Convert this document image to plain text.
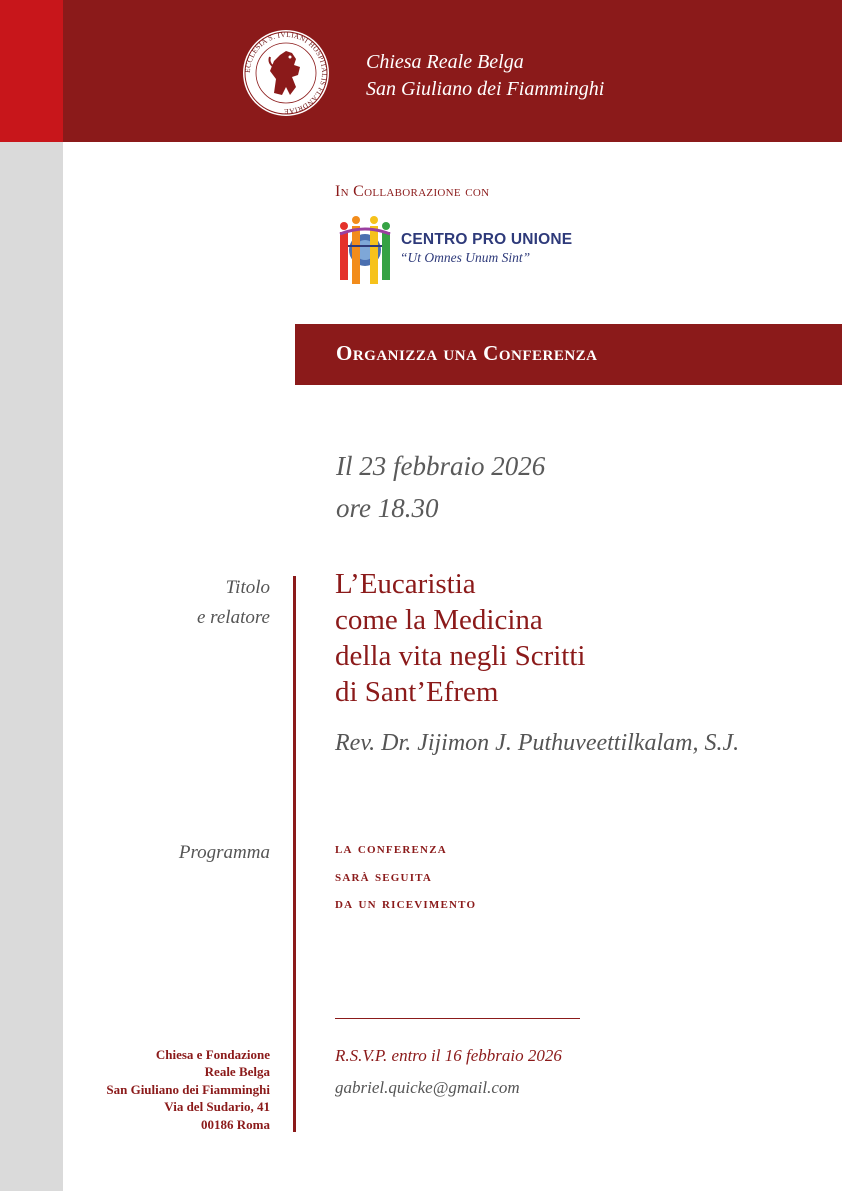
ECCLESIA S. IVLIANI HOSPITALIS FLANDRIAE
Chiesa Reale Belga
San Giuliano dei Fiamminghi
In Collaborazione con
CENTRO PRO UNIONE
“Ut Omnes Unum Sint”
Organizza una Conferenza
Il 23 febbraio 2026
ore 18.30
Titolo
e relatore
L’Eucaristia
come la Medicina
della vita negli Scritti
di Sant’Efrem
Rev. Dr. Jijimon J. Puthuveettilkalam, S.J.
Programma	la conferenza
sarà seguita
da un ricevimento
R.S.V.P. entro il 16 febbraio 2026
gabriel.quicke@gmail.com
Chiesa e Fondazione
Reale Belga
San Giuliano dei Fiamminghi
Via del Sudario, 41
00186 Roma
